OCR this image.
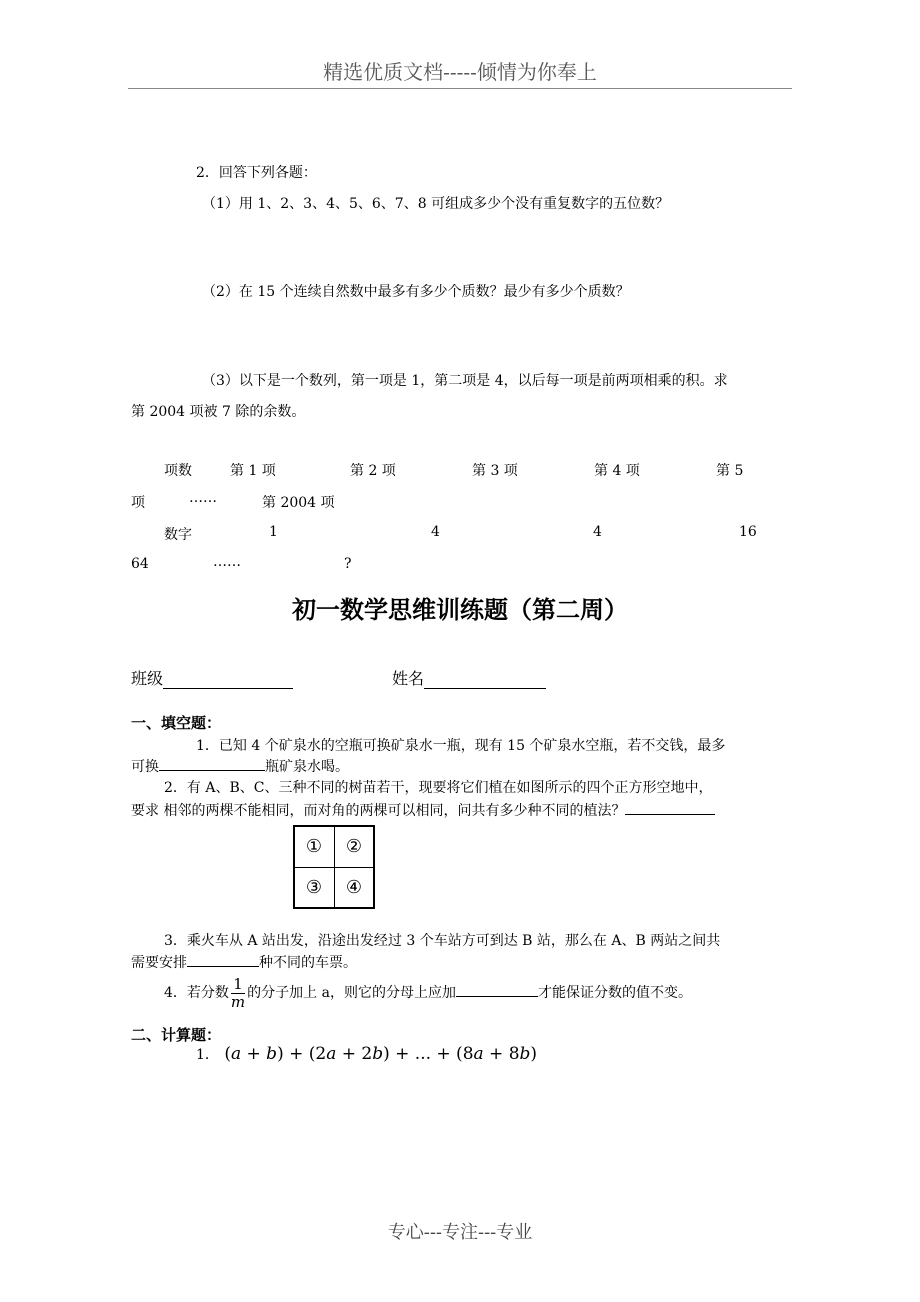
精选优质文档-----倾情为你奉上
2．回答下列各题：
（1）用 1、2、3、4、5、6、7、8 可组成多少个没有重复数字的五位数？
（2）在 15 个连续自然数中最多有多少个质数？最少有多少个质数？
（3）以下是一个数列，第一项是 1，第二项是 4，以后每一项是前两项相乘的积。求
第 2004 项被 7 除的余数。
项数	第 1 项	第 2 项	第 3 项	第 4 项	第 5
项	……	第 2004 项
数字	1	4	4	16
64	……	?
初一数学思维训练题（第二周）
班级	姓名
一、填空题：
1．已知 4 个矿泉水的空瓶可换矿泉水一瓶，现有 15 个矿泉水空瓶，若不交钱，最多
可换	瓶矿泉水喝。
2．有 A、B、C、三种不同的树苗若干，现要将它们植在如图所示的四个正方形空地中，
要求 相邻的两棵不能相同，而对角的两棵可以相同，问共有多少种不同的植法？
①	②
③	④
3．乘火车从 A 站出发，沿途出发经过 3 个车站方可到达 B 站，那么在 A、B 两站之间共
需要安排	种不同的车票。
4．若分数 $\frac{1}{m}$ 的分子加上 a，则它的分母上应加	才能保证分数的值不变。
二、计算题：
1． (a + b) + (2a + 2b) + ... + (8a + 8b)
专心---专注---专业
